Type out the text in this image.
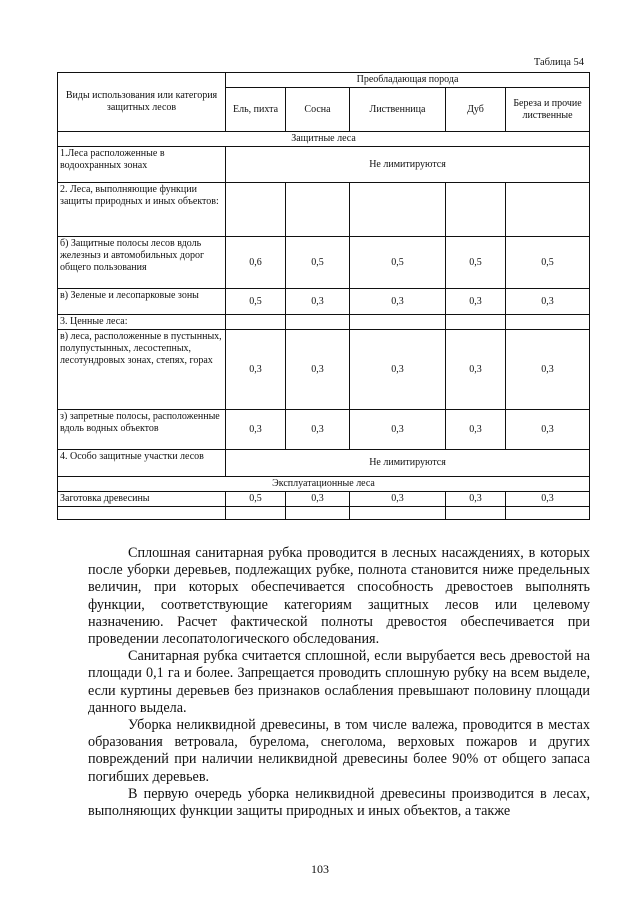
Таблица 54
Виды использования или категория защитных лесов	Преобладающая порода				
	Ель, пихта	Сосна	Лиственница	Дуб	Береза и прочие лиственные
Защитные леса					
1.Леса расположенные в водоохранных зонах	Не лимитируются				
2. Леса, выполняющие функции защиты природных и иных объектов:					
б) Защитные полосы лесов вдоль железныз и автомобильных дорог общего пользования	0,6	0,5	0,5	0,5	0,5
в) Зеленые и лесопарковые зоны	0,5	0,3	0,3	0,3	0,3
3. Ценные леса:					
в) леса, расположенные в пустынных, полупустынных, лесостепных, лесотундровых зонах, степях, горах	0,3	0,3	0,3	0,3	0,3
з) запретные полосы, расположенные вдоль водных объектов	0,3	0,3	0,3	0,3	0,3
4. Особо защитные участки лесов	Не лимитируются				
Эксплуатационные леса					
Заготовка древесины	0,5	0,3	0,3	0,3	0,3

Сплошная санитарная рубка проводится в лесных насаждениях, в которых после уборки деревьев, подлежащих рубке, полнота становится ниже предельных величин, при которых обеспечивается способность древостоев выполнять функции, соответствующие категориям защитных лесов или целевому назначению. Расчет фактической полноты древостоя обеспечивается при проведении лесопатологического обследования.

Санитарная рубка считается сплошной, если вырубается весь древостой на площади 0,1 га и более. Запрещается проводить сплошную рубку на всем выделе, если куртины деревьев без признаков ослабления превышают половину площади данного выдела.

Уборка неликвидной древесины, в том числе валежа, проводится в местах образования ветровала, бурелома, снеголома, верховых пожаров и других повреждений при наличии неликвидной древесины более 90% от общего запаса погибших деревьев.

В первую очередь уборка неликвидной древесины производится в лесах, выполняющих функции защиты природных и иных объектов, а также

103
